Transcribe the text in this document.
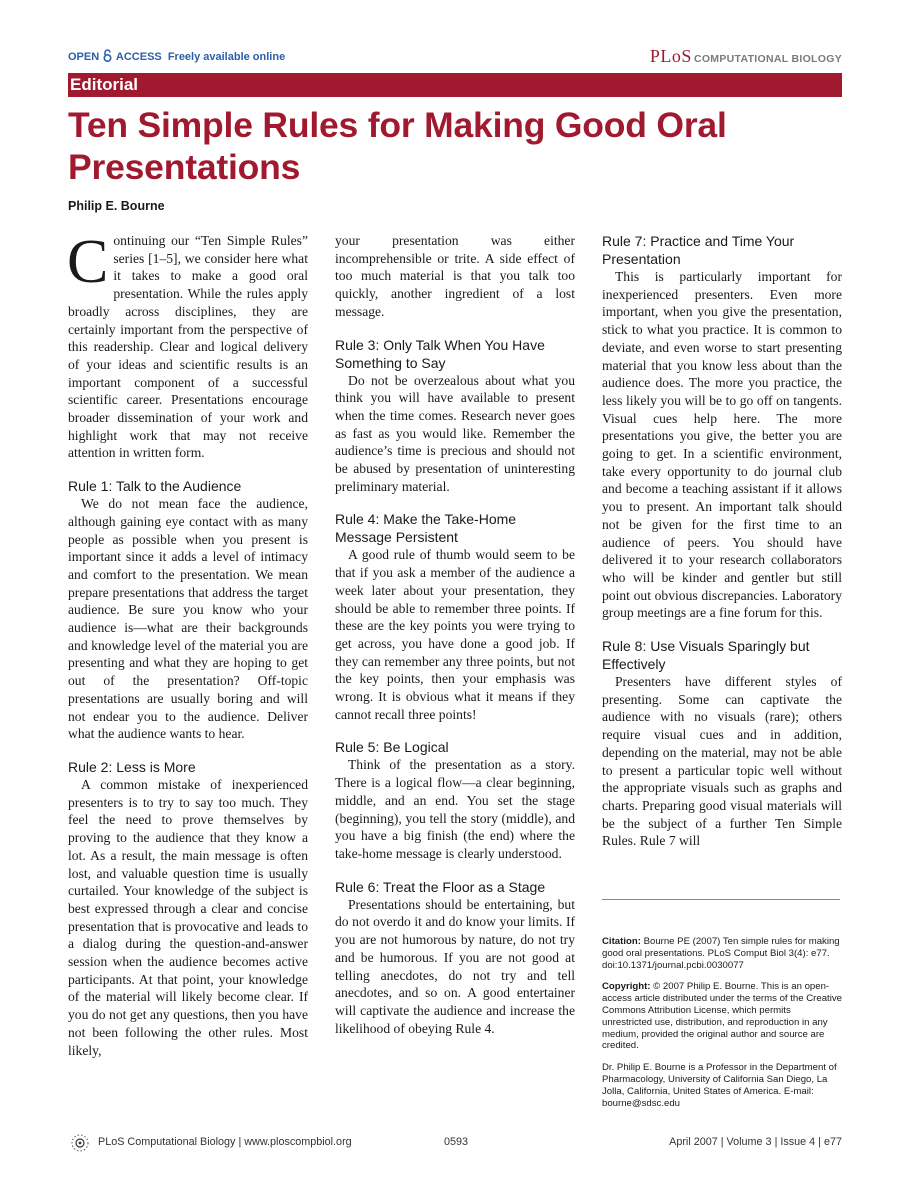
OPEN ACCESS Freely available online	PLoS COMPUTATIONAL BIOLOGY
Editorial
Ten Simple Rules for Making Good Oral Presentations

Philip E. Bourne

Continuing our “Ten Simple Rules” series [1–5], we consider here what it takes to make a good oral presentation. While the rules apply broadly across disciplines, they are certainly important from the perspective of this readership. Clear and logical delivery of your ideas and scientific results is an important component of a successful scientific career. Presentations encourage broader dissemination of your work and highlight work that may not receive attention in written form.

Rule 1: Talk to the Audience

We do not mean face the audience, although gaining eye contact with as many people as possible when you present is important since it adds a level of intimacy and comfort to the presentation. We mean prepare presentations that address the target audience. Be sure you know who your audience is—what are their backgrounds and knowledge level of the material you are presenting and what they are hoping to get out of the presentation? Off-topic presentations are usually boring and will not endear you to the audience. Deliver what the audience wants to hear.

Rule 2: Less is More

A common mistake of inexperienced presenters is to try to say too much. They feel the need to prove themselves by proving to the audience that they know a lot. As a result, the main message is often lost, and valuable question time is usually curtailed. Your knowledge of the subject is best expressed through a clear and concise presentation that is provocative and leads to a dialog during the question-and-answer session when the audience becomes active participants. At that point, your knowledge of the material will likely become clear. If you do not get any questions, then you have not been following the other rules. Most likely,

your presentation was either incomprehensible or trite. A side effect of too much material is that you talk too quickly, another ingredient of a lost message.

Rule 3: Only Talk When You Have Something to Say

Do not be overzealous about what you think you will have available to present when the time comes. Research never goes as fast as you would like. Remember the audience’s time is precious and should not be abused by presentation of uninteresting preliminary material.

Rule 4: Make the Take-Home Message Persistent

A good rule of thumb would seem to be that if you ask a member of the audience a week later about your presentation, they should be able to remember three points. If these are the key points you were trying to get across, you have done a good job. If they can remember any three points, but not the key points, then your emphasis was wrong. It is obvious what it means if they cannot recall three points!

Rule 5: Be Logical

Think of the presentation as a story. There is a logical flow—a clear beginning, middle, and an end. You set the stage (beginning), you tell the story (middle), and you have a big finish (the end) where the take-home message is clearly understood.

Rule 6: Treat the Floor as a Stage

Presentations should be entertaining, but do not overdo it and do know your limits. If you are not humorous by nature, do not try and be humorous. If you are not good at telling anecdotes, do not try and tell anecdotes, and so on. A good entertainer will captivate the audience and increase the likelihood of obeying Rule 4.

Rule 7: Practice and Time Your Presentation

This is particularly important for inexperienced presenters. Even more important, when you give the presentation, stick to what you practice. It is common to deviate, and even worse to start presenting material that you know less about than the audience does. The more you practice, the less likely you will be to go off on tangents. Visual cues help here. The more presentations you give, the better you are going to get. In a scientific environment, take every opportunity to do journal club and become a teaching assistant if it allows you to present. An important talk should not be given for the first time to an audience of peers. You should have delivered it to your research collaborators who will be kinder and gentler but still point out obvious discrepancies. Laboratory group meetings are a fine forum for this.

Rule 8: Use Visuals Sparingly but Effectively

Presenters have different styles of presenting. Some can captivate the audience with no visuals (rare); others require visual cues and in addition, depending on the material, may not be able to present a particular topic well without the appropriate visuals such as graphs and charts. Preparing good visual materials will be the subject of a further Ten Simple Rules. Rule 7 will

Citation: Bourne PE (2007) Ten simple rules for making good oral presentations. PLoS Comput Biol 3(4): e77. doi:10.1371/journal.pcbi.0030077

Copyright: © 2007 Philip E. Bourne. This is an open-access article distributed under the terms of the Creative Commons Attribution License, which permits unrestricted use, distribution, and reproduction in any medium, provided the original author and source are credited.

Dr. Philip E. Bourne is a Professor in the Department of Pharmacology, University of California San Diego, La Jolla, California, United States of America. E-mail: bourne@sdsc.edu

PLoS Computational Biology | www.ploscompbiol.org	0593	April 2007 | Volume 3 | Issue 4 | e77
